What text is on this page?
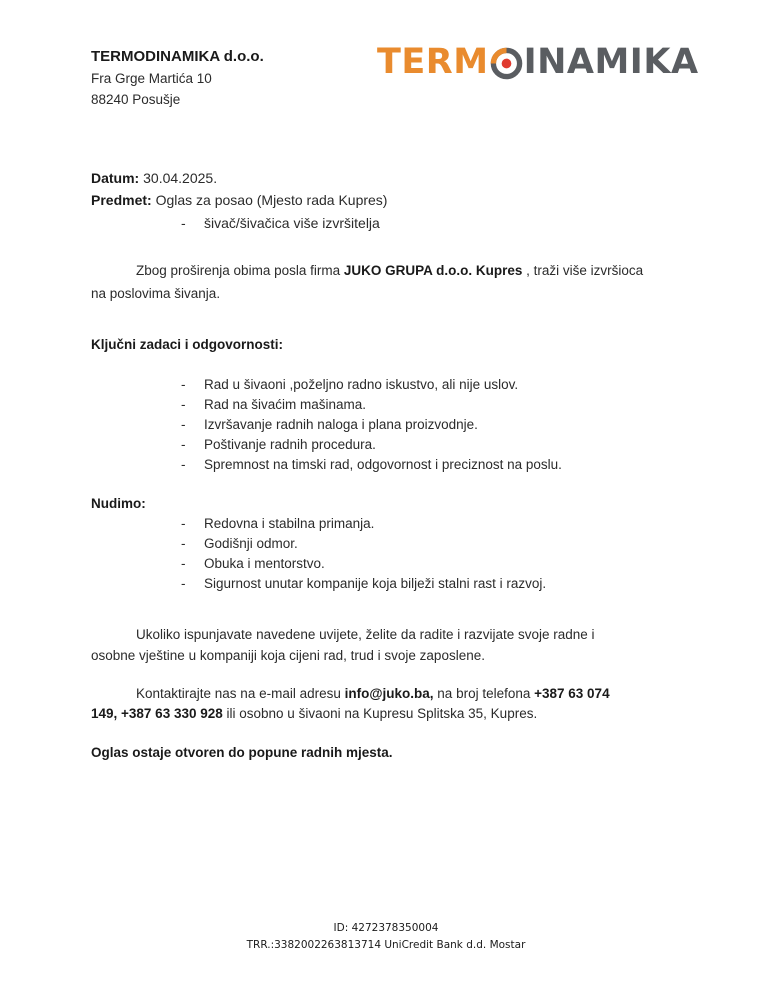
TERMODINAMIKA d.o.o.
Fra Grge Martića 10
88240 Posušje
TERM INAMIKA
Datum: 30.04.2025.
Predmet: Oglas za posao (Mjesto rada Kupres)
- šivač/šivačica više izvršitelja
Zbog proširenja obima posla firma JUKO GRUPA d.o.o. Kupres , traži više izvršioca
na poslovima šivanja.
Ključni zadaci i odgovornosti:
- Rad u šivaoni ,poželjno radno iskustvo, ali nije uslov.
- Rad na šivaćim mašinama.
- Izvršavanje radnih naloga i plana proizvodnje.
- Poštivanje radnih procedura.
- Spremnost na timski rad, odgovornost i preciznost na poslu.
Nudimo:
- Redovna i stabilna primanja.
- Godišnji odmor.
- Obuka i mentorstvo.
- Sigurnost unutar kompanije koja bilježi stalni rast i razvoj.
Ukoliko ispunjavate navedene uvijete, želite da radite i razvijate svoje radne i
osobne vještine u kompaniji koja cijeni rad, trud i svoje zaposlene.
Kontaktirajte nas na e-mail adresu info@juko.ba, na broj telefona +387 63 074
149, +387 63 330 928 ili osobno u šivaoni na Kupresu Splitska 35, Kupres.
Oglas ostaje otvoren do popune radnih mjesta.
ID: 4272378350004
TRR.:3382002263813714 UniCredit Bank d.d. Mostar
